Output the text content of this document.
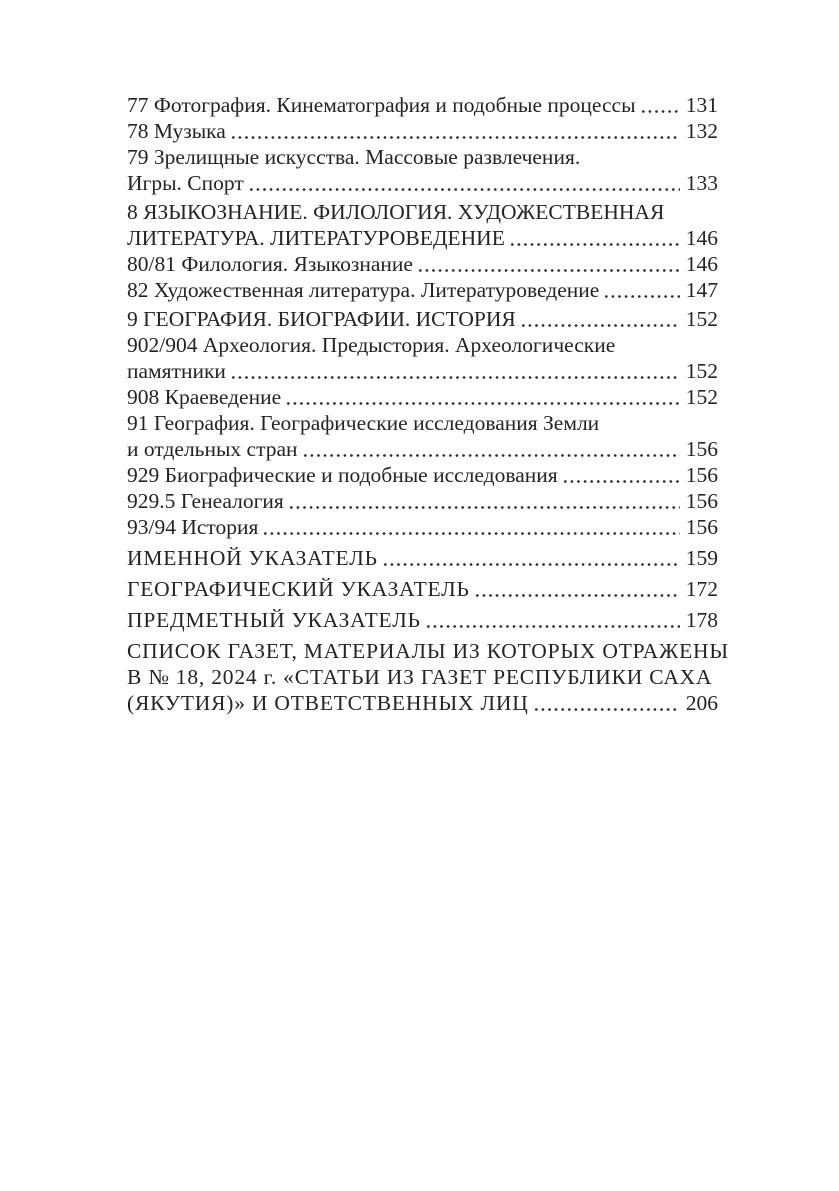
77 Фотография. Кинематография и подобные процессы 131
78 Музыка	132
79 Зрелищные искусства. Массовые развлечения.
Игры. Спорт	133
8 ЯЗЫКОЗНАНИЕ. ФИЛОЛОГИЯ. ХУДОЖЕСТВЕННАЯ
ЛИТЕРАТУРА. ЛИТЕРАТУРОВЕДЕНИЕ	146
80/81 Филология. Языкознание	146
82 Художественная литература. Литературоведение	147
9 ГЕОГРАФИЯ. БИОГРАФИИ. ИСТОРИЯ	152
902/904 Археология. Предыстория. Археологические
памятники	152
908 Краеведение	152
91 География. Географические исследования Земли
и отдельных стран	156
929 Биографические и подобные исследования	156
929.5 Генеалогия	156
93/94 История	156
ИМЕННОЙ УКАЗАТЕЛЬ	159
ГЕОГРАФИЧЕСКИЙ УКАЗАТЕЛЬ	172
ПРЕДМЕТНЫЙ УКАЗАТЕЛЬ	178
СПИСОК ГАЗЕТ, МАТЕРИАЛЫ ИЗ КОТОРЫХ ОТРАЖЕНЫ
В № 18, 2024 г. «СТАТЬИ ИЗ ГАЗЕТ РЕСПУБЛИКИ САХА
(ЯКУТИЯ)» И ОТВЕТСТВЕННЫХ ЛИЦ	206
